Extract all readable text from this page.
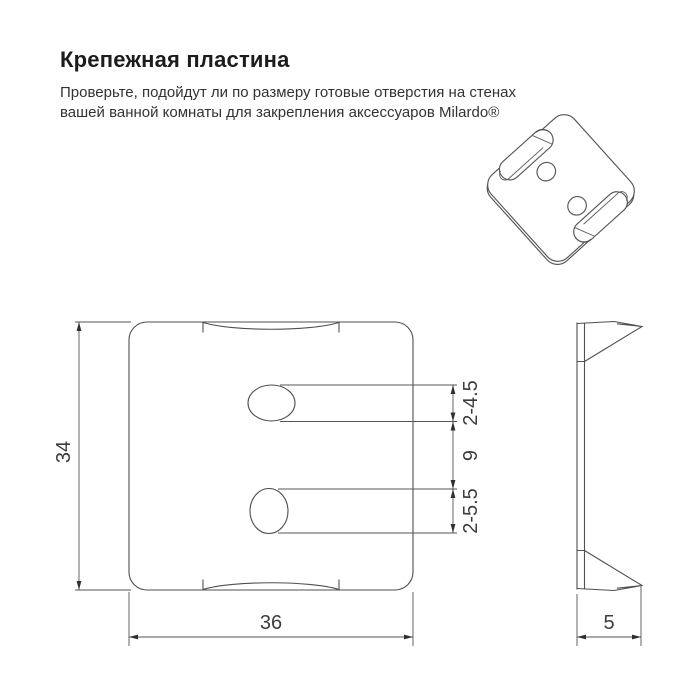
Крепежная пластина

Проверьте, подойдут ли по размеру готовые отверстия на стенах вашей ванной комнаты для закрепления аксессуаров Milardo®

2-4.5
9
2-5.5
34
36	5
